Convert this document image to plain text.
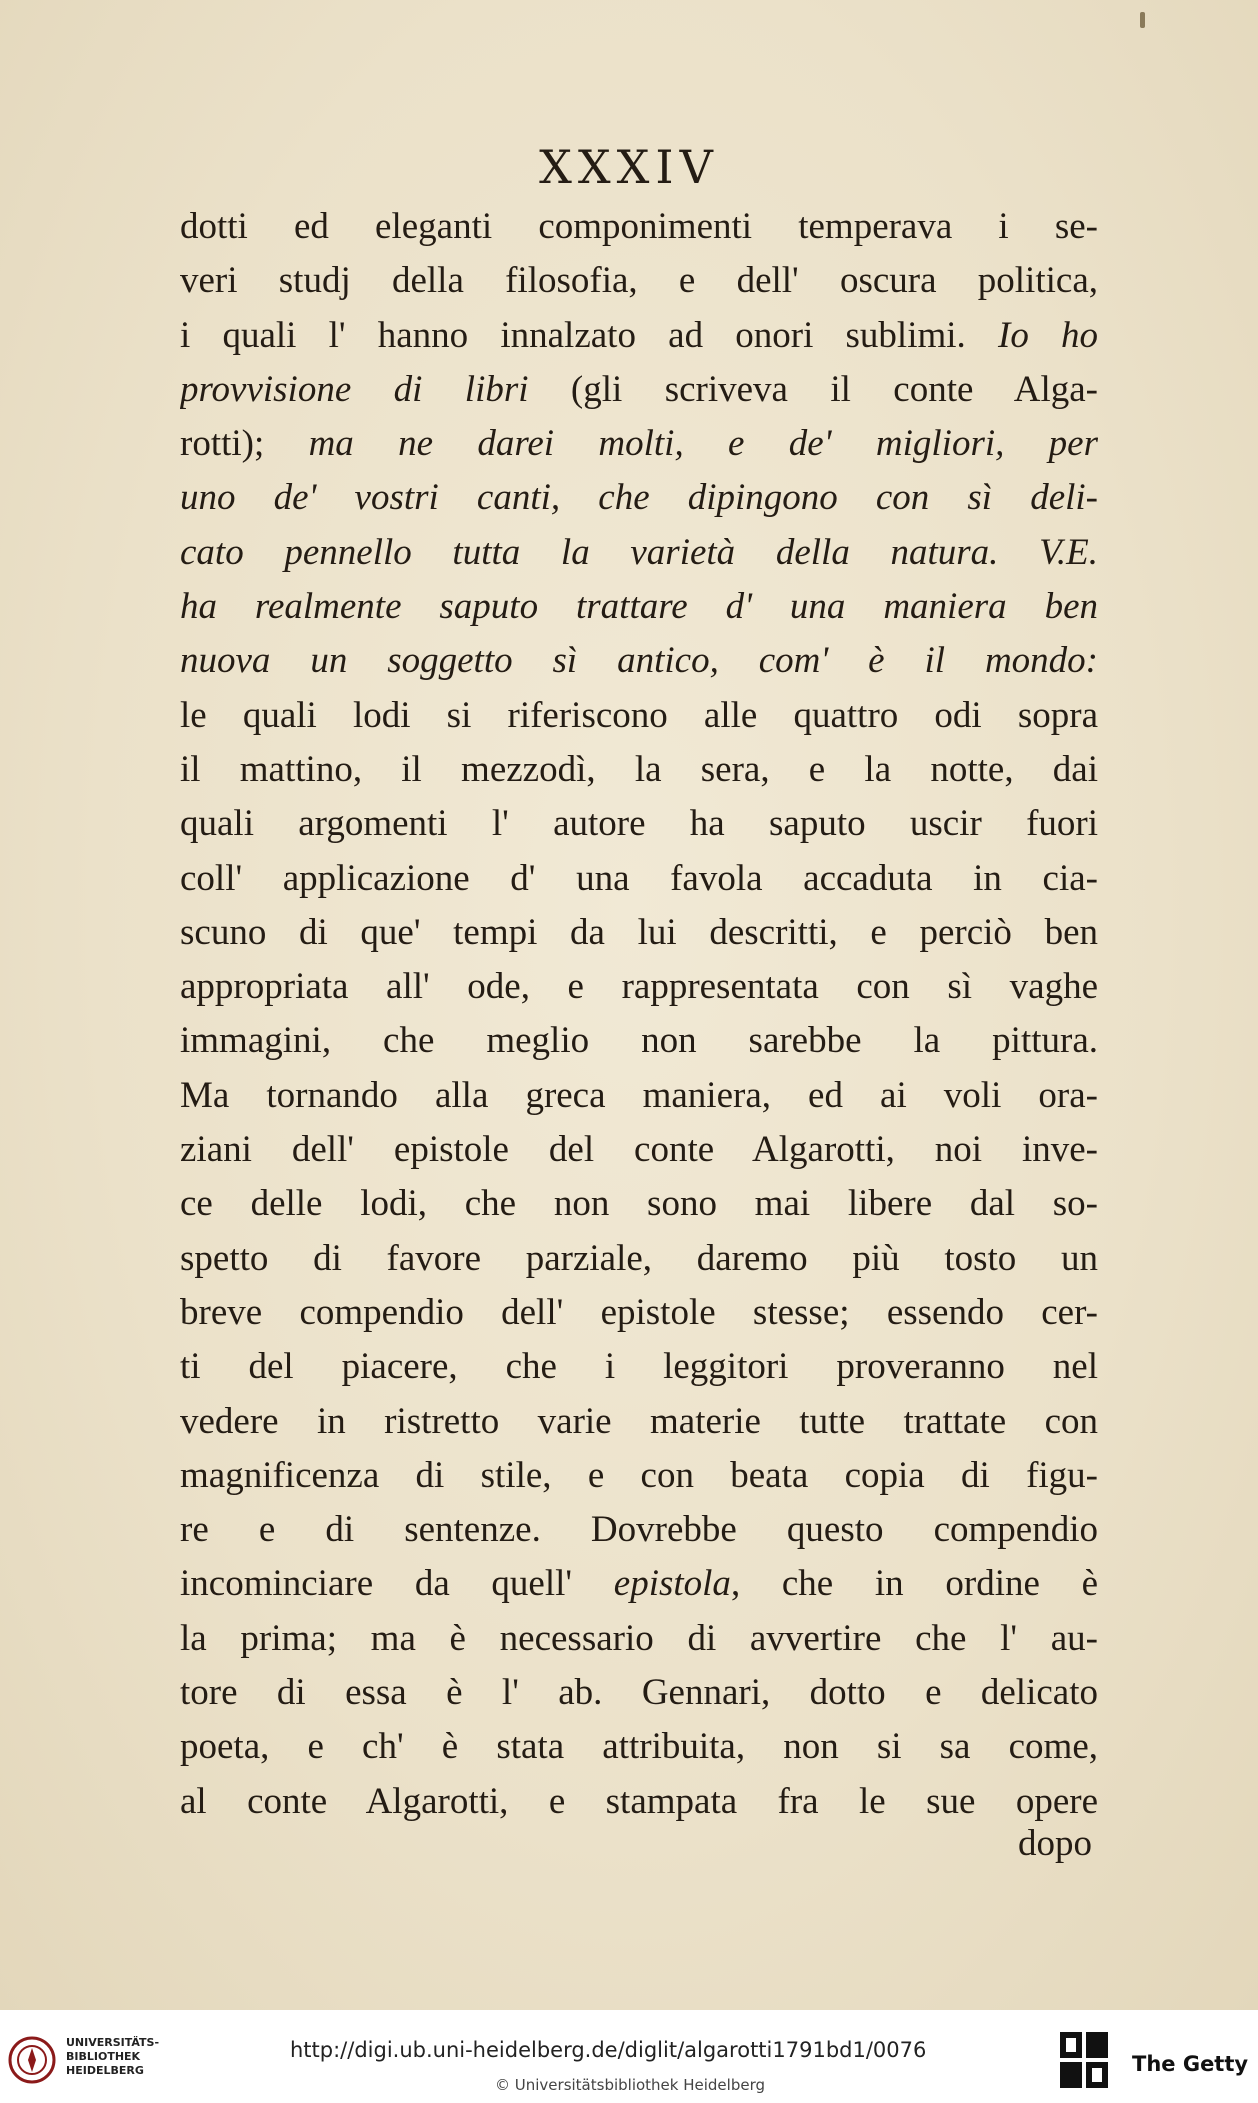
XXXIV
dotti ed eleganti componimenti temperava i se-
veri studj della filosofia, e dell' oscura politica,
i quali l' hanno innalzato ad onori sublimi. Io ho
provvisione di libri (gli scriveva il conte Alga-
rotti); ma ne darei molti, e de' migliori, per
uno de' vostri canti, che dipingono con sì deli-
cato pennello tutta la varietà della natura. V.E.
ha realmente saputo trattare d' una maniera ben
nuova un soggetto sì antico, com' è il mondo:
le quali lodi si riferiscono alle quattro odi sopra
il mattino, il mezzodì, la sera, e la notte, dai
quali argomenti l' autore ha saputo uscir fuori
coll' applicazione d' una favola accaduta in cia-
scuno di que' tempi da lui descritti, e perciò ben
appropriata all' ode, e rappresentata con sì vaghe
immagini, che meglio non sarebbe la pittura.
Ma tornando alla greca maniera, ed ai voli ora-
ziani dell' epistole del conte Algarotti, noi inve-
ce delle lodi, che non sono mai libere dal so-
spetto di favore parziale, daremo più tosto un
breve compendio dell' epistole stesse; essendo cer-
ti del piacere, che i leggitori proveranno nel
vedere in ristretto varie materie tutte trattate con
magnificenza di stile, e con beata copia di figu-
re e di sentenze. Dovrebbe questo compendio
incominciare da quell' epistola, che in ordine è
la prima; ma è necessario di avvertire che l' au-
tore di essa è l' ab. Gennari, dotto e delicato
poeta, e ch' è stata attribuita, non si sa come,
al conte Algarotti, e stampata fra le sue opere
dopo
UNIVERSITÄTS-
BIBLIOTHEK
HEIDELBERG
http://digi.ub.uni-heidelberg.de/diglit/algarotti1791bd1/0076
© Universitätsbibliothek Heidelberg
The Getty
